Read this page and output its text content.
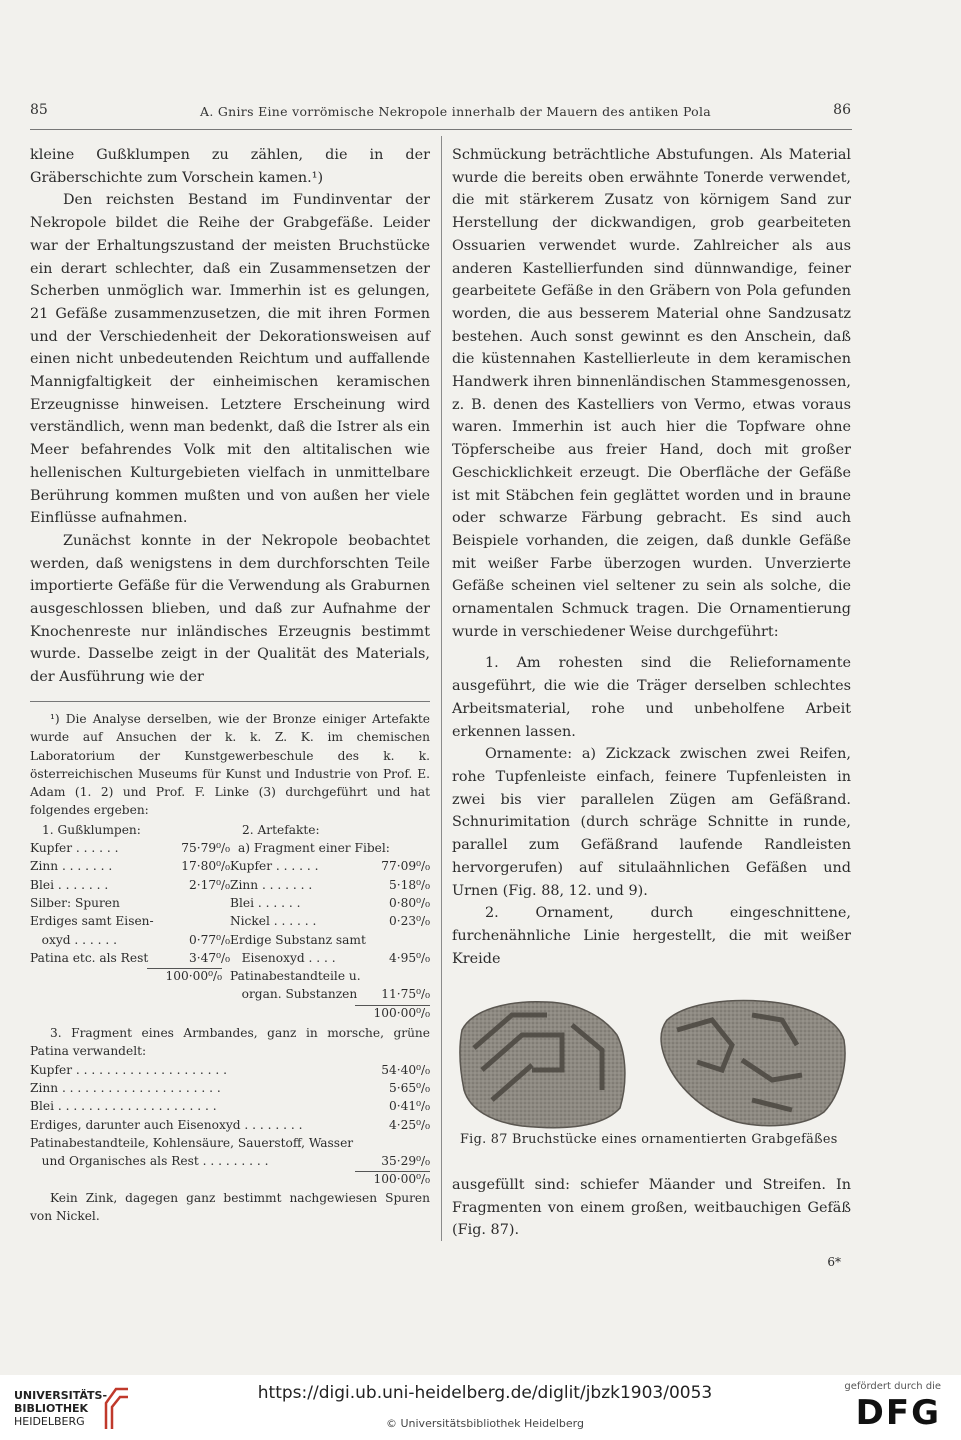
85	A. Gnirs Eine vorrömische Nekropole innerhalb der Mauern des antiken Pola	86

kleine Gußklumpen zu zählen, die in der Gräberschichte zum Vorschein kamen.¹)

Den reichsten Bestand im Fundinventar der Nekropole bildet die Reihe der Grabgefäße. Leider war der Erhaltungszustand der meisten Bruchstücke ein derart schlechter, daß ein Zusammensetzen der Scherben unmöglich war. Immerhin ist es gelungen, 21 Gefäße zusammenzusetzen, die mit ihren Formen und der Verschiedenheit der Dekorationsweisen auf einen nicht unbedeutenden Reichtum und auffallende Mannigfaltigkeit der einheimischen keramischen Erzeugnisse hinweisen. Letztere Erscheinung wird verständlich, wenn man bedenkt, daß die Istrer als ein Meer befahrendes Volk mit den altitalischen wie hellenischen Kulturgebieten vielfach in unmittelbare Berührung kommen mußten und von außen her viele Einflüsse aufnahmen.

Zunächst konnte in der Nekropole beobachtet werden, daß wenigstens in dem durchforschten Teile importierte Gefäße für die Verwendung als Graburnen ausgeschlossen blieben, und daß zur Aufnahme der Knochenreste nur inländisches Erzeugnis bestimmt wurde. Dasselbe zeigt in der Qualität des Materials, der Ausführung wie der

¹) Die Analyse derselben, wie der Bronze einiger Artefakte wurde auf Ansuchen der k. k. Z. K. im chemischen Laboratorium der Kunstgewerbeschule des k. k. österreichischen Museums für Kunst und Industrie von Prof. E. Adam (1. 2) und Prof. F. Linke (3) durchgeführt und hat folgendes ergeben:

1. Gußklumpen:
Kupfer . . . . . .	75·79⁰/₀
Zinn . . . . . . .	17·80⁰/₀
Blei . . . . . . .	2·17⁰/₀
Silber: Spuren
Erdiges samt Eisen-
oxyd . . . . . .	0·77⁰/₀
Patina etc. als Rest	3·47⁰/₀
100·00⁰/₀
2. Artefakte:
a) Fragment einer Fibel:
Kupfer . . . . . .	77·09⁰/₀
Zinn . . . . . . .	5·18⁰/₀
Blei . . . . . .	0·80⁰/₀
Nickel . . . . . .	0·23⁰/₀
Erdige Substanz samt
Eisenoxyd . . . .	4·95⁰/₀
Patinabestandteile u.
organ. Substanzen 11·75⁰/₀
100·00⁰/₀

3. Fragment eines Armbandes, ganz in morsche, grüne Patina verwandelt:

Kupfer . . . . . . . . . . . . . . . . . . . .	54·40⁰/₀
Zinn . . . . . . . . . . . . . . . . . . . . .	5·65⁰/₀
Blei . . . . . . . . . . . . . . . . . . . . .	0·41⁰/₀
Erdiges, darunter auch Eisenoxyd . . . . . . . .	4·25⁰/₀
Patinabestandteile, Kohlensäure, Sauerstoff, Wasser
und Organisches als Rest . . . . . . . . .	35·29⁰/₀
100·00⁰/₀

Kein Zink, dagegen ganz bestimmt nachgewiesen Spuren von Nickel.

Schmückung beträchtliche Abstufungen. Als Material wurde die bereits oben erwähnte Tonerde verwendet, die mit stärkerem Zusatz von körnigem Sand zur Herstellung der dickwandigen, grob gearbeiteten Ossuarien verwendet wurde. Zahlreicher als aus anderen Kastellierfunden sind dünnwandige, feiner gearbeitete Gefäße in den Gräbern von Pola gefunden worden, die aus besserem Material ohne Sandzusatz bestehen. Auch sonst gewinnt es den Anschein, daß die küstennahen Kastellierleute in dem keramischen Handwerk ihren binnenländischen Stammesgenossen, z. B. denen des Kastelliers von Vermo, etwas voraus waren. Immerhin ist auch hier die Topfware ohne Töpferscheibe aus freier Hand, doch mit großer Geschicklichkeit erzeugt. Die Oberfläche der Gefäße ist mit Stäbchen fein geglättet worden und in braune oder schwarze Färbung gebracht. Es sind auch Beispiele vorhanden, die zeigen, daß dunkle Gefäße mit weißer Farbe überzogen wurden. Unverzierte Gefäße scheinen viel seltener zu sein als solche, die ornamentalen Schmuck tragen. Die Ornamentierung wurde in verschiedener Weise durchgeführt:

1. Am rohesten sind die Reliefornamente ausgeführt, die wie die Träger derselben schlechtes Arbeitsmaterial, rohe und unbeholfene Arbeit erkennen lassen.

Ornamente: a) Zickzack zwischen zwei Reifen, rohe Tupfenleiste einfach, feinere Tupfenleisten in zwei bis vier parallelen Zügen am Gefäßrand. Schnurimitation (durch schräge Schnitte in runde, parallel zum Gefäßrand laufende Randleisten hervorgerufen) auf situlaähnlichen Gefäßen und Urnen (Fig. 88, 12. und 9).

2. Ornament, durch eingeschnittene, furchenähnliche Linie hergestellt, die mit weißer Kreide

Fig. 87 Bruchstücke eines ornamentierten Grabgefäßes

ausgefüllt sind: schiefer Mäander und Streifen. In Fragmenten von einem großen, weitbauchigen Gefäß (Fig. 87).

6*
UNIVERSITÄTS-
BIBLIOTHEK
HEIDELBERG
https://digi.ub.uni-heidelberg.de/diglit/jbzk1903/0053
© Universitätsbibliothek Heidelberg
gefördert durch die
DFG
